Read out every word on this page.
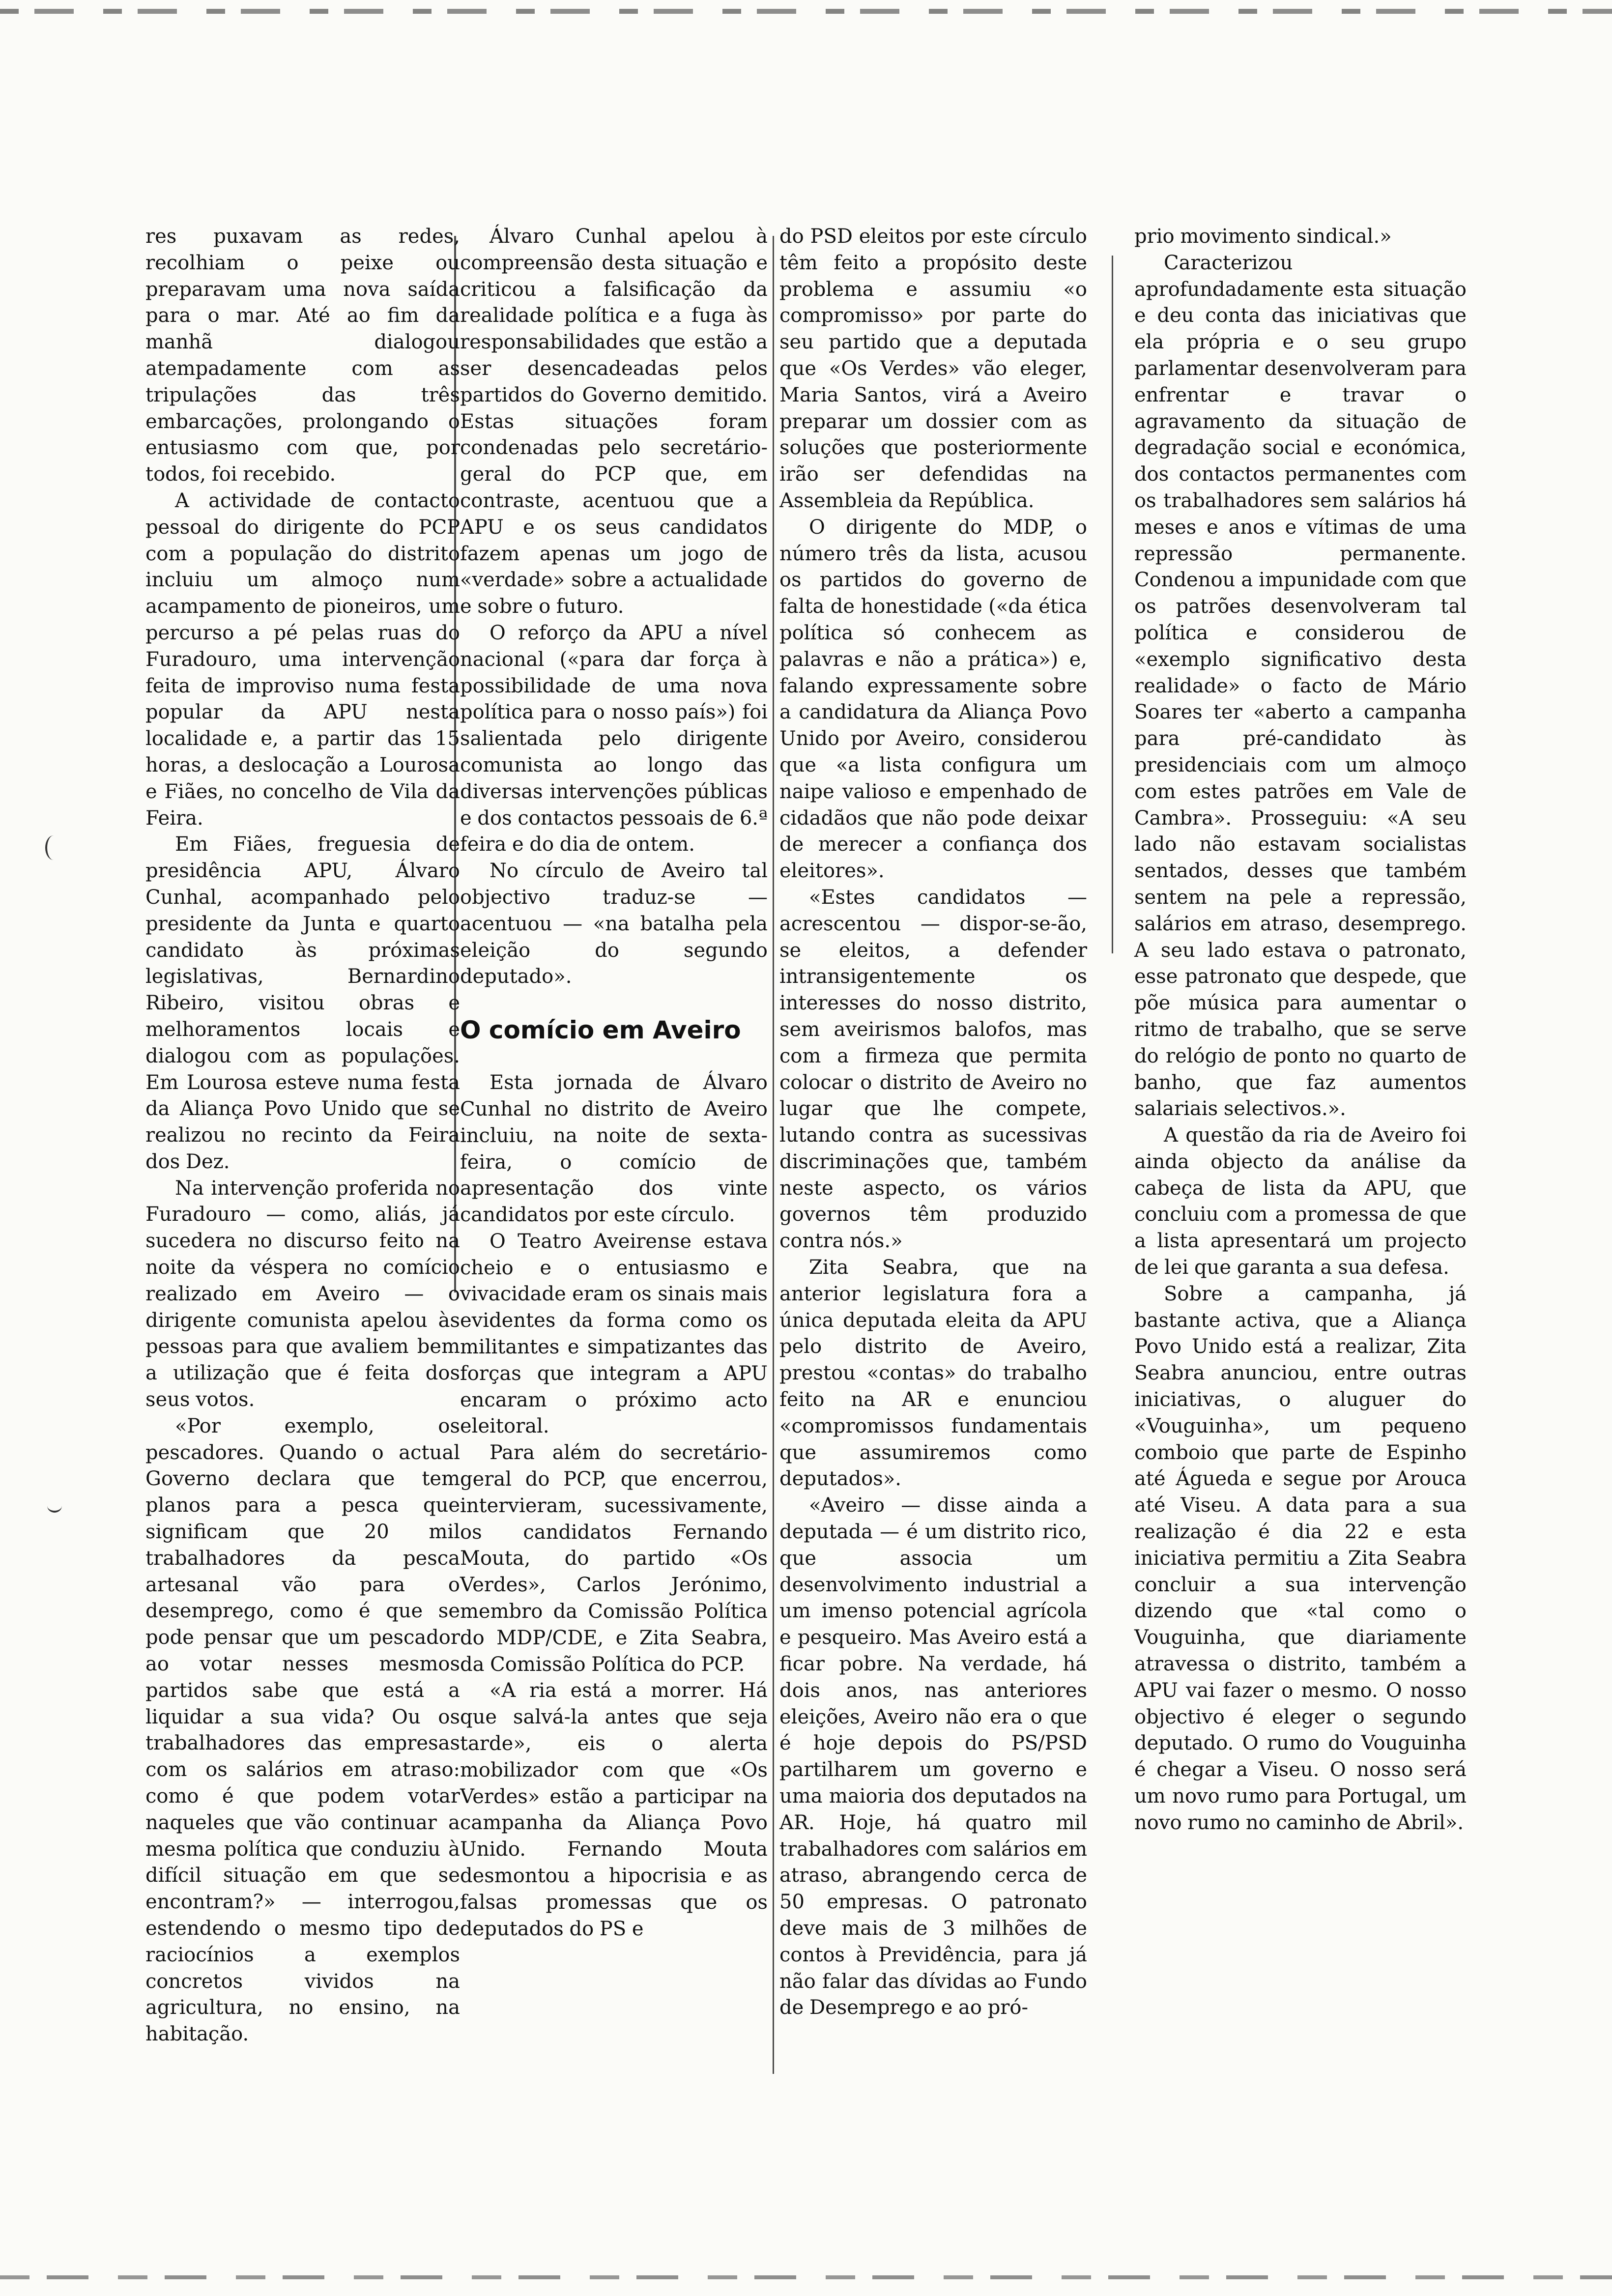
res puxavam as redes, recolhiam o peixe ou preparavam uma nova saída para o mar. Até ao fim da manhã dialogou atempadamente com as tripulações das três embarcações, prolongando o entusiasmo com que, por todos, foi recebido.

A actividade de contacto pessoal do dirigente do PCP com a população do distrito incluiu um almoço num acampamento de pioneiros, um percurso a pé pelas ruas do Furadouro, uma intervenção feita de improviso numa festa popular da APU nesta localidade e, a partir das 15 horas, a deslocação a Lourosa e Fiães, no concelho de Vila da Feira.

Em Fiães, freguesia de presidência APU, Álvaro Cunhal, acompanhado pelo presidente da Junta e quarto candidato às próximas legislativas, Bernardino Ribeiro, visitou obras e melhoramentos locais e dialogou com as populações. Em Lourosa esteve numa festa da Aliança Povo Unido que se realizou no recinto da Feira dos Dez.

Na intervenção proferida no Furadouro — como, aliás, já sucedera no discurso feito na noite da véspera no comício realizado em Aveiro — o dirigente comunista apelou às pessoas para que avaliem bem a utilização que é feita dos seus votos.

«Por exemplo, os pescadores. Quando o actual Governo declara que tem planos para a pesca que significam que 20 mil trabalhadores da pesca artesanal vão para o desemprego, como é que se pode pensar que um pescador ao votar nesses mesmos partidos sabe que está a liquidar a sua vida? Ou os trabalhadores das empresas com os salários em atraso: como é que podem votar naqueles que vão continuar a mesma política que conduziu à difícil situação em que se encontram?» — interrogou, estendendo o mesmo tipo de raciocínios a exemplos concretos vividos na agricultura, no ensino, na habitação.

Álvaro Cunhal apelou à compreensão desta situação e criticou a falsificação da realidade política e a fuga às responsabilidades que estão a ser desencadeadas pelos partidos do Governo demitido. Estas situações foram condenadas pelo secretário-geral do PCP que, em contraste, acentuou que a APU e os seus candidatos fazem apenas um jogo de «verdade» sobre a actualidade e sobre o futuro.

O reforço da APU a nível nacional («para dar força à possibilidade de uma nova política para o nosso país») foi salientada pelo dirigente comunista ao longo das diversas intervenções públicas e dos contactos pessoais de 6.ª feira e do dia de ontem.

No círculo de Aveiro tal objectivo traduz-se — acentuou — «na batalha pela eleição do segundo deputado».

O comício em Aveiro

Esta jornada de Álvaro Cunhal no distrito de Aveiro incluiu, na noite de sexta-feira, o comício de apresentação dos vinte candidatos por este círculo.

O Teatro Aveirense estava cheio e o entusiasmo e vivacidade eram os sinais mais evidentes da forma como os militantes e simpatizantes das forças que integram a APU encaram o próximo acto eleitoral.

Para além do secretário-geral do PCP, que encerrou, intervieram, sucessivamente, os candidatos Fernando Mouta, do partido «Os Verdes», Carlos Jerónimo, membro da Comissão Política do MDP/CDE, e Zita Seabra, da Comissão Política do PCP.

«A ria está a morrer. Há que salvá-la antes que seja tarde», eis o alerta mobilizador com que «Os Verdes» estão a participar na campanha da Aliança Povo Unido. Fernando Mouta desmontou a hipocrisia e as falsas promessas que os deputados do PS e

do PSD eleitos por este círculo têm feito a propósito deste problema e assumiu «o compromisso» por parte do seu partido que a deputada que «Os Verdes» vão eleger, Maria Santos, virá a Aveiro preparar um dossier com as soluções que posteriormente irão ser defendidas na Assembleia da República.

O dirigente do MDP, o número três da lista, acusou os partidos do governo de falta de honestidade («da ética política só conhecem as palavras e não a prática») e, falando expressamente sobre a candidatura da Aliança Povo Unido por Aveiro, considerou que «a lista configura um naipe valioso e empenhado de cidadãos que não pode deixar de merecer a confiança dos eleitores».

«Estes candidatos — acrescentou — dispor-se-ão, se eleitos, a defender intransigentemente os interesses do nosso distrito, sem aveirismos balofos, mas com a firmeza que permita colocar o distrito de Aveiro no lugar que lhe compete, lutando contra as sucessivas discriminações que, também neste aspecto, os vários governos têm produzido contra nós.»

Zita Seabra, que na anterior legislatura fora a única deputada eleita da APU pelo distrito de Aveiro, prestou «contas» do trabalho feito na AR e enunciou «compromissos fundamentais que assumiremos como deputados».

«Aveiro — disse ainda a deputada — é um distrito rico, que associa um desenvolvimento industrial a um imenso potencial agrícola e pesqueiro. Mas Aveiro está a ficar pobre. Na verdade, há dois anos, nas anteriores eleições, Aveiro não era o que é hoje depois do PS/PSD partilharem um governo e uma maioria dos deputados na AR. Hoje, há quatro mil trabalhadores com salários em atraso, abrangendo cerca de 50 empresas. O patronato deve mais de 3 milhões de contos à Previdência, para já não falar das dívidas ao Fundo de Desemprego e ao pró-

prio movimento sindical.»

Caracterizou aprofundadamente esta situação e deu conta das iniciativas que ela própria e o seu grupo parlamentar desenvolveram para enfrentar e travar o agravamento da situação de degradação social e económica, dos contactos permanentes com os trabalhadores sem salários há meses e anos e vítimas de uma repressão permanente. Condenou a impunidade com que os patrões desenvolveram tal política e considerou de «exemplo significativo desta realidade» o facto de Mário Soares ter «aberto a campanha para pré-candidato às presidenciais com um almoço com estes patrões em Vale de Cambra». Prosseguiu: «A seu lado não estavam socialistas sentados, desses que também sentem na pele a repressão, salários em atraso, desemprego. A seu lado estava o patronato, esse patronato que despede, que põe música para aumentar o ritmo de trabalho, que se serve do relógio de ponto no quarto de banho, que faz aumentos salariais selectivos.».

A questão da ria de Aveiro foi ainda objecto da análise da cabeça de lista da APU, que concluiu com a promessa de que a lista apresentará um projecto de lei que garanta a sua defesa.

Sobre a campanha, já bastante activa, que a Aliança Povo Unido está a realizar, Zita Seabra anunciou, entre outras iniciativas, o aluguer do «Vouguinha», um pequeno comboio que parte de Espinho até Águeda e segue por Arouca até Viseu. A data para a sua realização é dia 22 e esta iniciativa permitiu a Zita Seabra concluir a sua intervenção dizendo que «tal como o Vouguinha, que diariamente atravessa o distrito, também a APU vai fazer o mesmo. O nosso objectivo é eleger o segundo deputado. O rumo do Vouguinha é chegar a Viseu. O nosso será um novo rumo para Portugal, um novo rumo no caminho de Abril».
